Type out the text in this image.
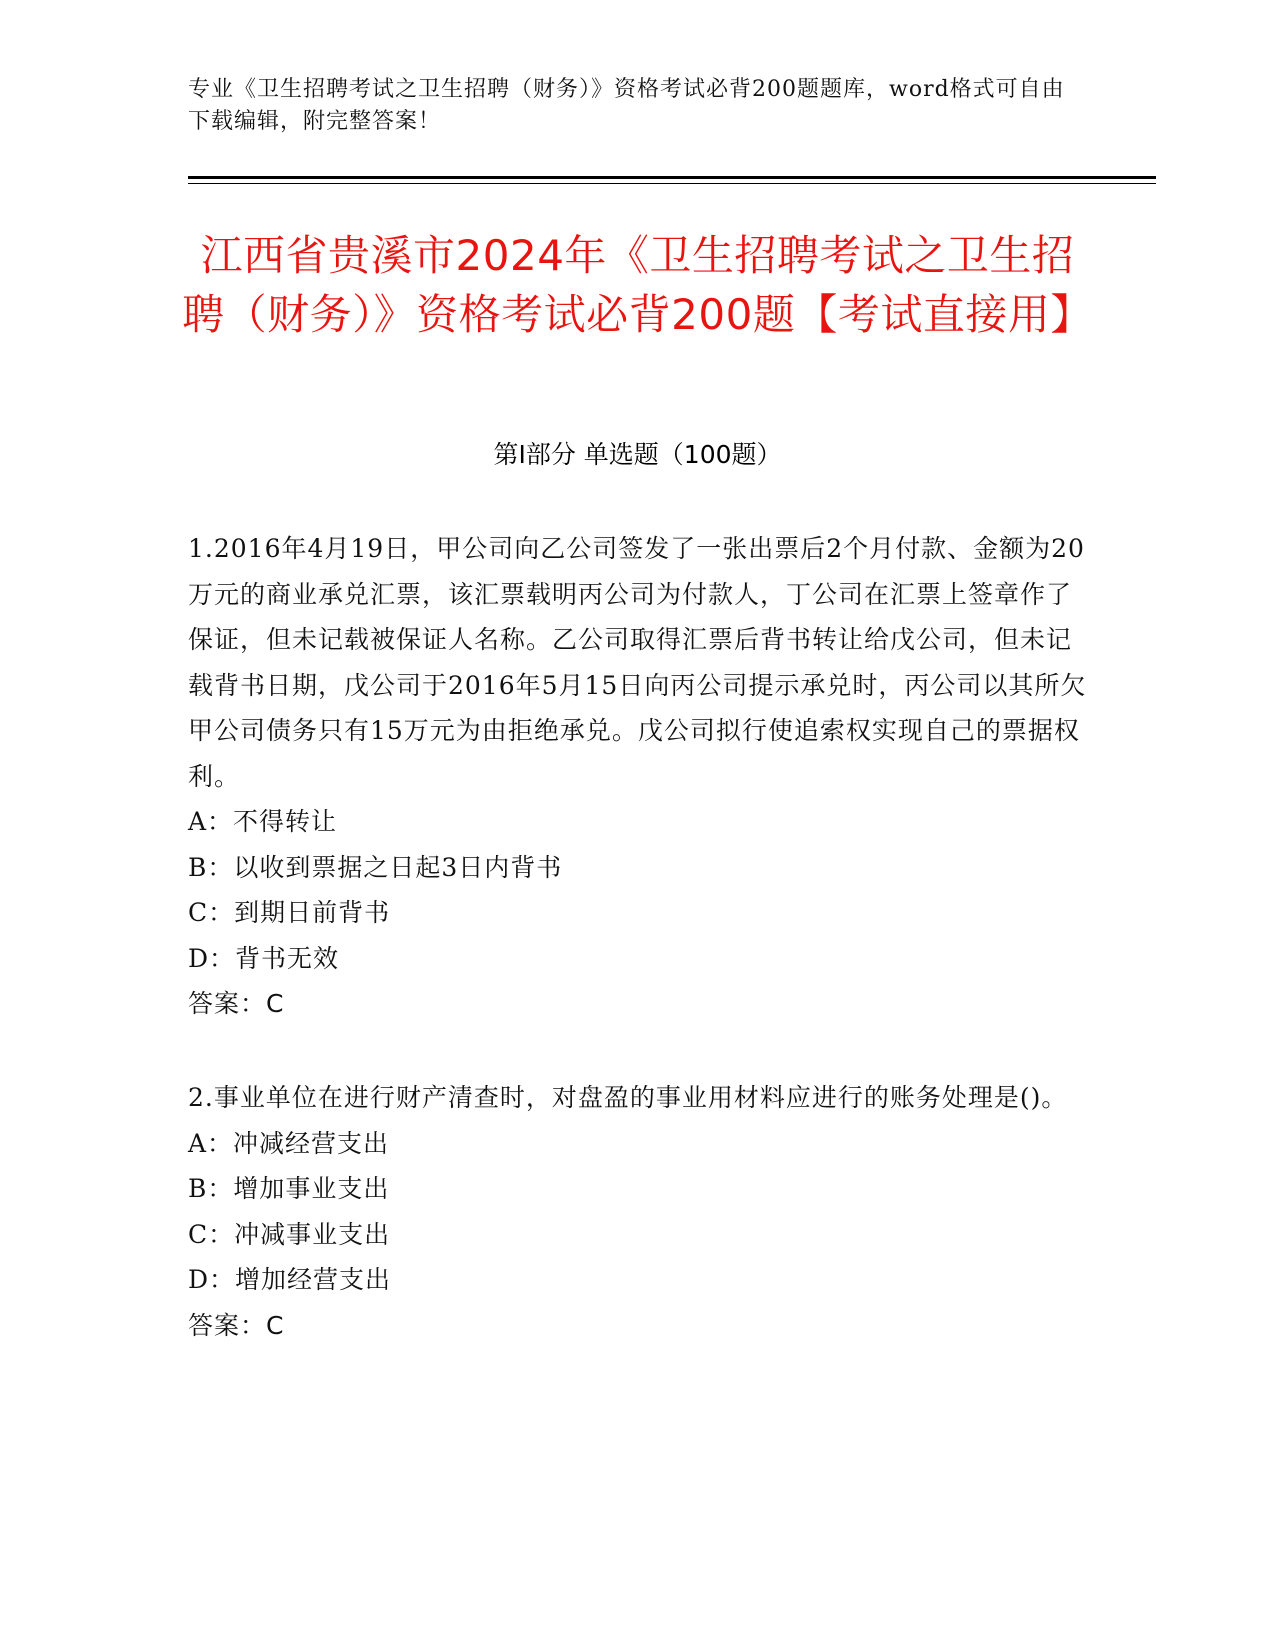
专业《卫生招聘考试之卫生招聘（财务）》资格考试必背200题题库，word格式可自由下载编辑，附完整答案！
江西省贵溪市2024年《卫生招聘考试之卫生招聘（财务）》资格考试必背200题【考试直接用】
第Ⅰ部分 单选题（100题）
1.2016年4月19日，甲公司向乙公司签发了一张出票后2个月付款、金额为20万元的商业承兑汇票，该汇票载明丙公司为付款人，丁公司在汇票上签章作了保证，但未记载被保证人名称。乙公司取得汇票后背书转让给戊公司，但未记载背书日期，戊公司于2016年5月15日向丙公司提示承兑时，丙公司以其所欠甲公司债务只有15万元为由拒绝承兑。戊公司拟行使追索权实现自己的票据权利。
A：不得转让
B：以收到票据之日起3日内背书
C：到期日前背书
D：背书无效
答案：C
2.事业单位在进行财产清查时，对盘盈的事业用材料应进行的账务处理是()。
A：冲减经营支出
B：增加事业支出
C：冲减事业支出
D：增加经营支出
答案：C
